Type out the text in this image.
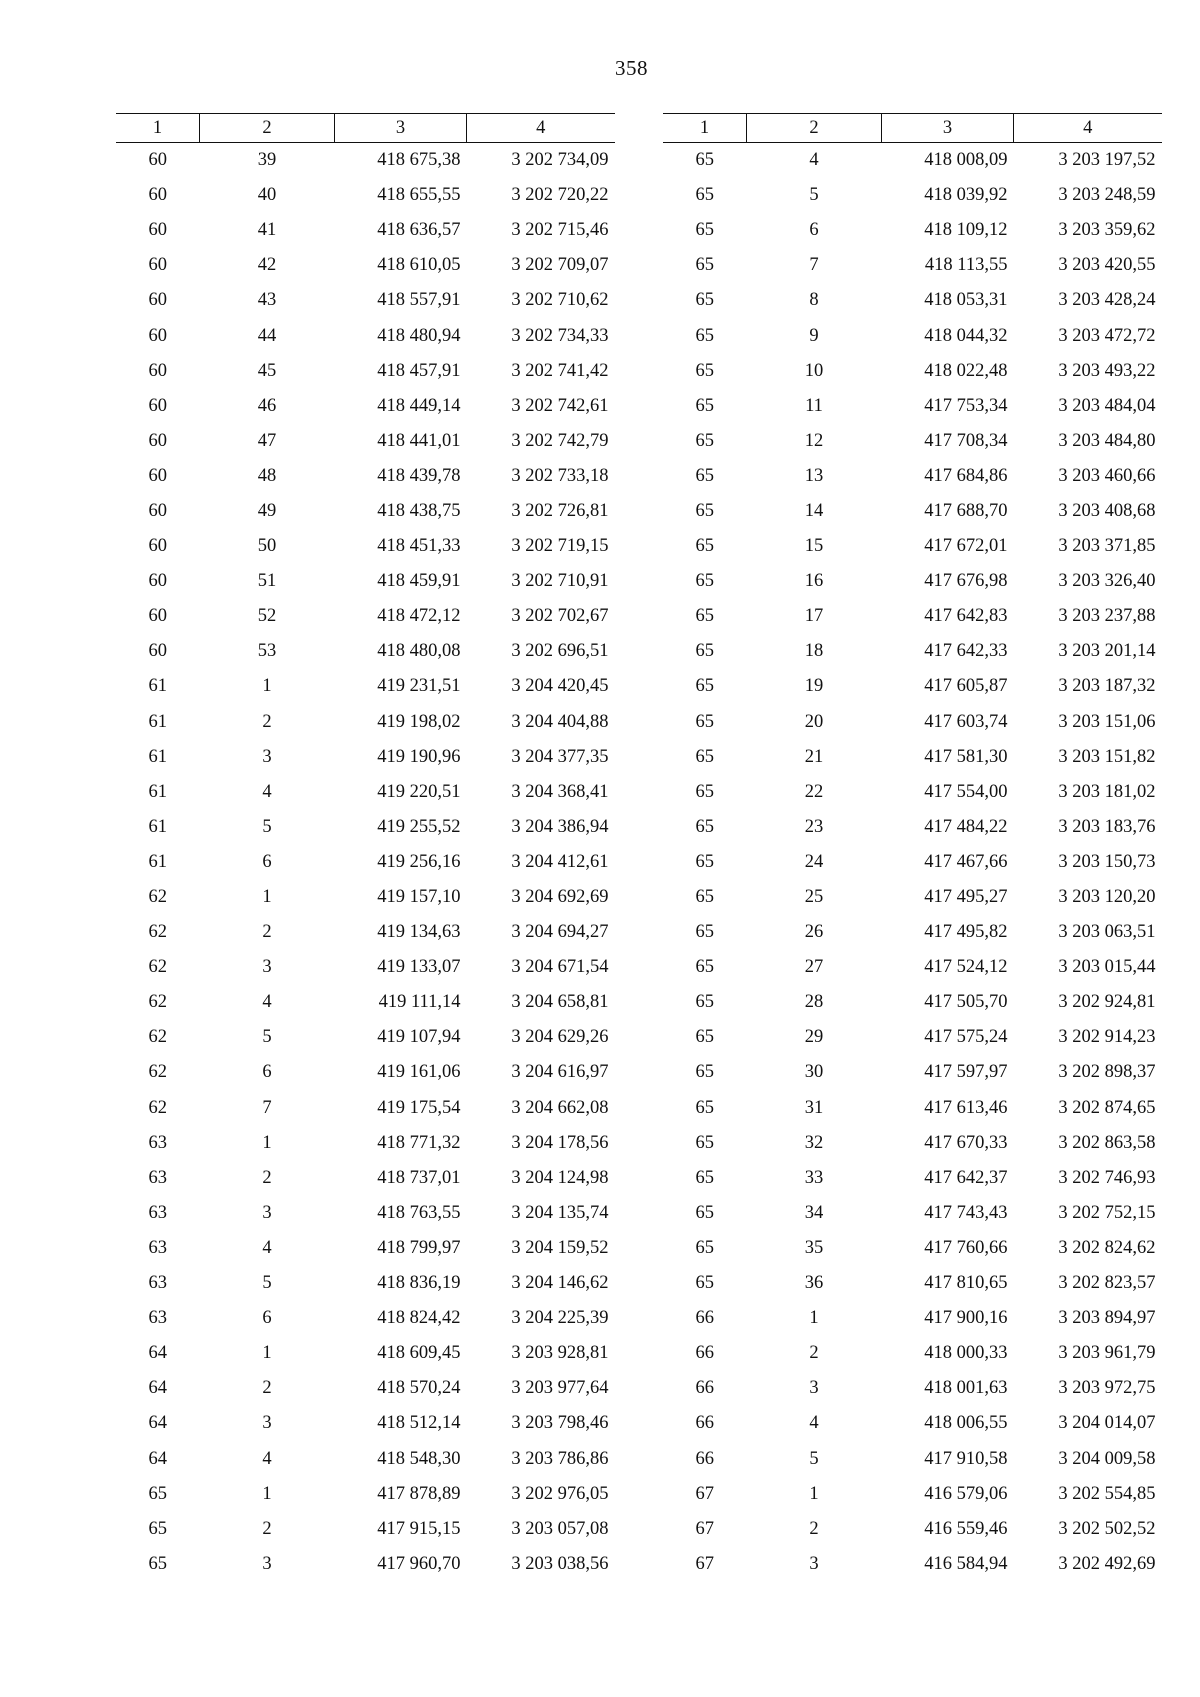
358
1	2	3	4
60	39	418 675,38	3 202 734,09
60	40	418 655,55	3 202 720,22
60	41	418 636,57	3 202 715,46
60	42	418 610,05	3 202 709,07
60	43	418 557,91	3 202 710,62
60	44	418 480,94	3 202 734,33
60	45	418 457,91	3 202 741,42
60	46	418 449,14	3 202 742,61
60	47	418 441,01	3 202 742,79
60	48	418 439,78	3 202 733,18
60	49	418 438,75	3 202 726,81
60	50	418 451,33	3 202 719,15
60	51	418 459,91	3 202 710,91
60	52	418 472,12	3 202 702,67
60	53	418 480,08	3 202 696,51
61	1	419 231,51	3 204 420,45
61	2	419 198,02	3 204 404,88
61	3	419 190,96	3 204 377,35
61	4	419 220,51	3 204 368,41
61	5	419 255,52	3 204 386,94
61	6	419 256,16	3 204 412,61
62	1	419 157,10	3 204 692,69
62	2	419 134,63	3 204 694,27
62	3	419 133,07	3 204 671,54
62	4	419 111,14	3 204 658,81
62	5	419 107,94	3 204 629,26
62	6	419 161,06	3 204 616,97
62	7	419 175,54	3 204 662,08
63	1	418 771,32	3 204 178,56
63	2	418 737,01	3 204 124,98
63	3	418 763,55	3 204 135,74
63	4	418 799,97	3 204 159,52
63	5	418 836,19	3 204 146,62
63	6	418 824,42	3 204 225,39
64	1	418 609,45	3 203 928,81
64	2	418 570,24	3 203 977,64
64	3	418 512,14	3 203 798,46
64	4	418 548,30	3 203 786,86
65	1	417 878,89	3 202 976,05
65	2	417 915,15	3 203 057,08
65	3	417 960,70	3 203 038,56
1	2	3	4
65	4	418 008,09	3 203 197,52
65	5	418 039,92	3 203 248,59
65	6	418 109,12	3 203 359,62
65	7	418 113,55	3 203 420,55
65	8	418 053,31	3 203 428,24
65	9	418 044,32	3 203 472,72
65	10	418 022,48	3 203 493,22
65	11	417 753,34	3 203 484,04
65	12	417 708,34	3 203 484,80
65	13	417 684,86	3 203 460,66
65	14	417 688,70	3 203 408,68
65	15	417 672,01	3 203 371,85
65	16	417 676,98	3 203 326,40
65	17	417 642,83	3 203 237,88
65	18	417 642,33	3 203 201,14
65	19	417 605,87	3 203 187,32
65	20	417 603,74	3 203 151,06
65	21	417 581,30	3 203 151,82
65	22	417 554,00	3 203 181,02
65	23	417 484,22	3 203 183,76
65	24	417 467,66	3 203 150,73
65	25	417 495,27	3 203 120,20
65	26	417 495,82	3 203 063,51
65	27	417 524,12	3 203 015,44
65	28	417 505,70	3 202 924,81
65	29	417 575,24	3 202 914,23
65	30	417 597,97	3 202 898,37
65	31	417 613,46	3 202 874,65
65	32	417 670,33	3 202 863,58
65	33	417 642,37	3 202 746,93
65	34	417 743,43	3 202 752,15
65	35	417 760,66	3 202 824,62
65	36	417 810,65	3 202 823,57
66	1	417 900,16	3 203 894,97
66	2	418 000,33	3 203 961,79
66	3	418 001,63	3 203 972,75
66	4	418 006,55	3 204 014,07
66	5	417 910,58	3 204 009,58
67	1	416 579,06	3 202 554,85
67	2	416 559,46	3 202 502,52
67	3	416 584,94	3 202 492,69
